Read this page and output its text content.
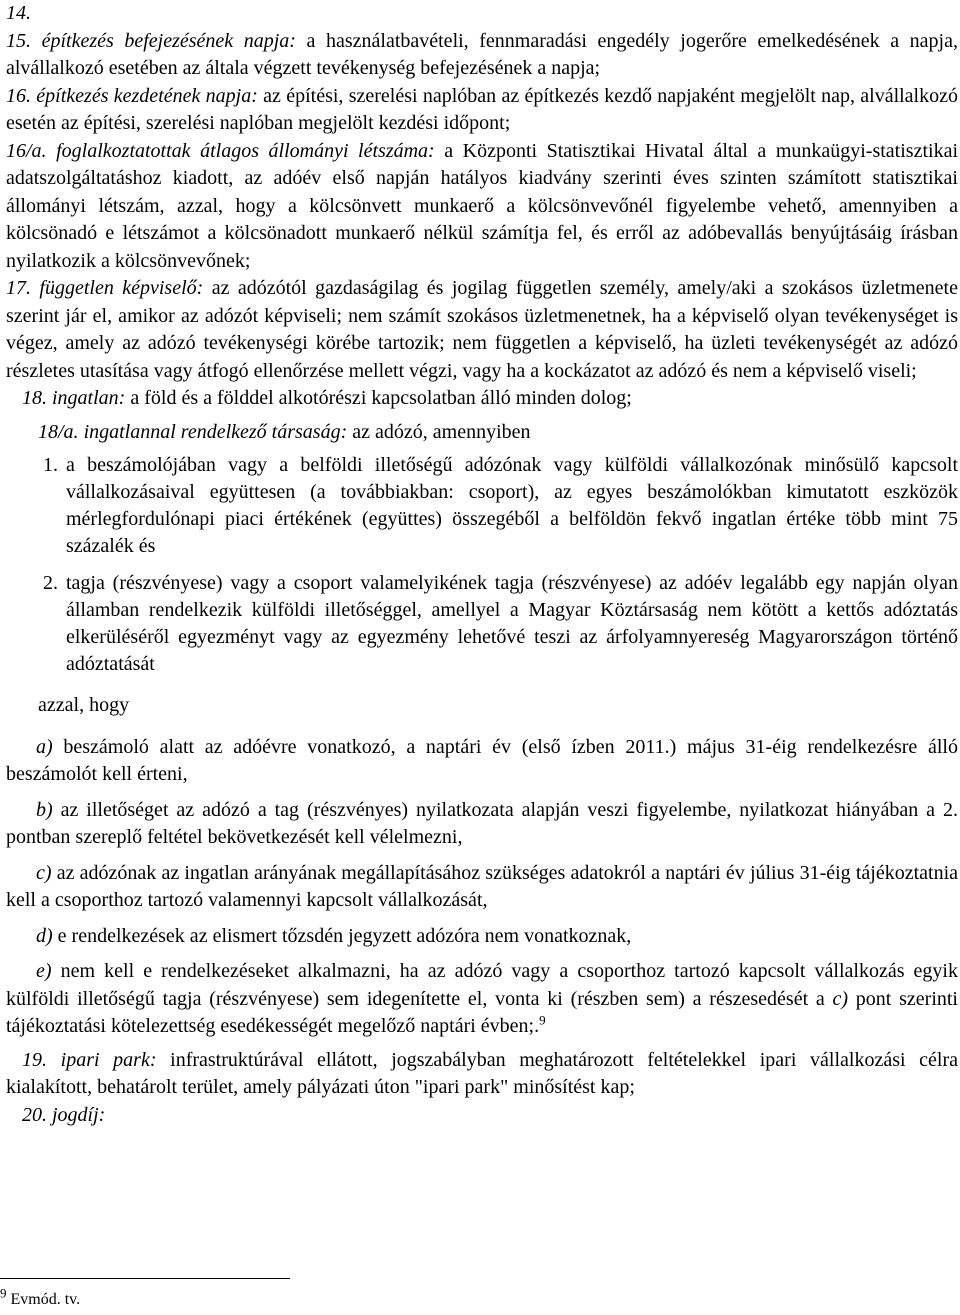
14.

15. építkezés befejezésének napja: a használatbavételi, fennmaradási engedély jogerőre emelkedésének a napja, alvállalkozó esetében az általa végzett tevékenység befejezésének a napja;

16. építkezés kezdetének napja: az építési, szerelési naplóban az építkezés kezdő napjaként megjelölt nap, alvállalkozó esetén az építési, szerelési naplóban megjelölt kezdési időpont;

16/a. foglalkoztatottak átlagos állományi létszáma: a Központi Statisztikai Hivatal által a munkaügyi-statisztikai adatszolgáltatáshoz kiadott, az adóév első napján hatályos kiadvány szerinti éves szinten számított statisztikai állományi létszám, azzal, hogy a kölcsönvett munkaerő a kölcsönvevőnél figyelembe vehető, amennyiben a kölcsönadó e létszámot a kölcsönadott munkaerő nélkül számítja fel, és erről az adóbevallás benyújtásáig írásban nyilatkozik a kölcsönvevőnek;

17. független képviselő: az adózótól gazdaságilag és jogilag független személy, amely/aki a szokásos üzletmenete szerint jár el, amikor az adózót képviseli; nem számít szokásos üzletmenetnek, ha a képviselő olyan tevékenységet is végez, amely az adózó tevékenységi körébe tartozik; nem független a képviselő, ha üzleti tevékenységét az adózó részletes utasítása vagy átfogó ellenőrzése mellett végzi, vagy ha a kockázatot az adózó és nem a képviselő viseli;

18. ingatlan: a föld és a földdel alkotórészi kapcsolatban álló minden dolog;

18/a. ingatlannal rendelkező társaság: az adózó, amennyiben

1. a beszámolójában vagy a belföldi illetőségű adózónak vagy külföldi vállalkozónak minősülő kapcsolt vállalkozásaival együttesen (a továbbiakban: csoport), az egyes beszámolókban kimutatott eszközök mérlegfordulónapi piaci értékének (együttes) összegéből a belföldön fekvő ingatlan értéke több mint 75 százalék és
2. tagja (részvényese) vagy a csoport valamelyikének tagja (részvényese) az adóév legalább egy napján olyan államban rendelkezik külföldi illetőséggel, amellyel a Magyar Köztársaság nem kötött a kettős adóztatás elkerüléséről egyezményt vagy az egyezmény lehetővé teszi az árfolyamnyereség Magyarországon történő adóztatását

azzal, hogy

a) beszámoló alatt az adóévre vonatkozó, a naptári év (első ízben 2011.) május 31-éig rendelkezésre álló beszámolót kell érteni,

b) az illetőséget az adózó a tag (részvényes) nyilatkozata alapján veszi figyelembe, nyilatkozat hiányában a 2. pontban szereplő feltétel bekövetkezését kell vélelmezni,

c) az adózónak az ingatlan arányának megállapításához szükséges adatokról a naptári év július 31-éig tájékoztatnia kell a csoporthoz tartozó valamennyi kapcsolt vállalkozását,

d) e rendelkezések az elismert tőzsdén jegyzett adózóra nem vonatkoznak,

e) nem kell e rendelkezéseket alkalmazni, ha az adózó vagy a csoporthoz tartozó kapcsolt vállalkozás egyik külföldi illetőségű tagja (részvényese) sem idegenítette el, vonta ki (részben sem) a részesedését a c) pont szerinti tájékoztatási kötelezettség esedékességét megelőző naptári évben;.$^9$

19. ipari park: infrastruktúrával ellátott, jogszabályban meghatározott feltételekkel ipari vállalkozási célra kialakított, behatárolt terület, amely pályázati úton "ipari park" minősítést kap;

20. jogdíj:

$^9$ Evmód. tv.
